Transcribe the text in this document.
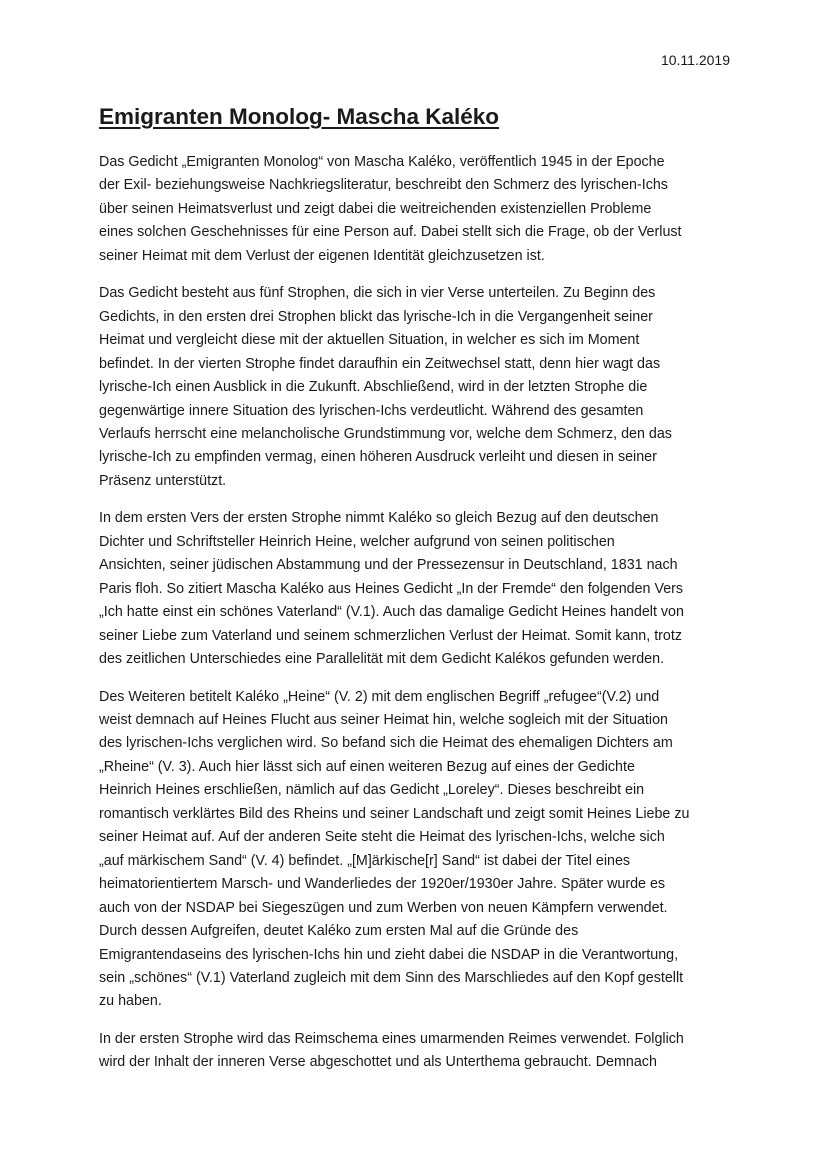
10.11.2019
Emigranten Monolog- Mascha Kaléko
Das Gedicht „Emigranten Monolog“ von Mascha Kaléko, veröffentlich 1945 in der Epoche
der Exil- beziehungsweise Nachkriegsliteratur, beschreibt den Schmerz des lyrischen-Ichs
über seinen Heimatsverlust und zeigt dabei die weitreichenden existenziellen Probleme
eines solchen Geschehnisses für eine Person auf. Dabei stellt sich die Frage, ob der Verlust
seiner Heimat mit dem Verlust der eigenen Identität gleichzusetzen ist.
Das Gedicht besteht aus fünf Strophen, die sich in vier Verse unterteilen. Zu Beginn des
Gedichts, in den ersten drei Strophen blickt das lyrische-Ich in die Vergangenheit seiner
Heimat und vergleicht diese mit der aktuellen Situation, in welcher es sich im Moment
befindet. In der vierten Strophe findet daraufhin ein Zeitwechsel statt, denn hier wagt das
lyrische-Ich einen Ausblick in die Zukunft. Abschließend, wird in der letzten Strophe die
gegenwärtige innere Situation des lyrischen-Ichs verdeutlicht. Während des gesamten
Verlaufs herrscht eine melancholische Grundstimmung vor, welche dem Schmerz, den das
lyrische-Ich zu empfinden vermag, einen höheren Ausdruck verleiht und diesen in seiner
Präsenz unterstützt.
In dem ersten Vers der ersten Strophe nimmt Kaléko so gleich Bezug auf den deutschen
Dichter und Schriftsteller Heinrich Heine, welcher aufgrund von seinen politischen
Ansichten, seiner jüdischen Abstammung und der Pressezensur in Deutschland, 1831 nach
Paris floh. So zitiert Mascha Kaléko aus Heines Gedicht „In der Fremde“ den folgenden Vers
„Ich hatte einst ein schönes Vaterland“ (V.1). Auch das damalige Gedicht Heines handelt von
seiner Liebe zum Vaterland und seinem schmerzlichen Verlust der Heimat. Somit kann, trotz
des zeitlichen Unterschiedes eine Parallelität mit dem Gedicht Kalékos gefunden werden.
Des Weiteren betitelt Kaléko „Heine“ (V. 2) mit dem englischen Begriff „refugee“(V.2) und
weist demnach auf Heines Flucht aus seiner Heimat hin, welche sogleich mit der Situation
des lyrischen-Ichs verglichen wird. So befand sich die Heimat des ehemaligen Dichters am
„Rheine“ (V. 3). Auch hier lässt sich auf einen weiteren Bezug auf eines der Gedichte
Heinrich Heines erschließen, nämlich auf das Gedicht „Loreley“. Dieses beschreibt ein
romantisch verklärtes Bild des Rheins und seiner Landschaft und zeigt somit Heines Liebe zu
seiner Heimat auf. Auf der anderen Seite steht die Heimat des lyrischen-Ichs, welche sich
„auf märkischem Sand“ (V. 4) befindet. „[M]ärkische[r] Sand“ ist dabei der Titel eines
heimatorientiertem Marsch- und Wanderliedes der 1920er/1930er Jahre. Später wurde es
auch von der NSDAP bei Siegeszügen und zum Werben von neuen Kämpfern verwendet.
Durch dessen Aufgreifen, deutet Kaléko zum ersten Mal auf die Gründe des
Emigrantendaseins des lyrischen-Ichs hin und zieht dabei die NSDAP in die Verantwortung,
sein „schönes“ (V.1) Vaterland zugleich mit dem Sinn des Marschliedes auf den Kopf gestellt
zu haben.
In der ersten Strophe wird das Reimschema eines umarmenden Reimes verwendet. Folglich
wird der Inhalt der inneren Verse abgeschottet und als Unterthema gebraucht. Demnach
